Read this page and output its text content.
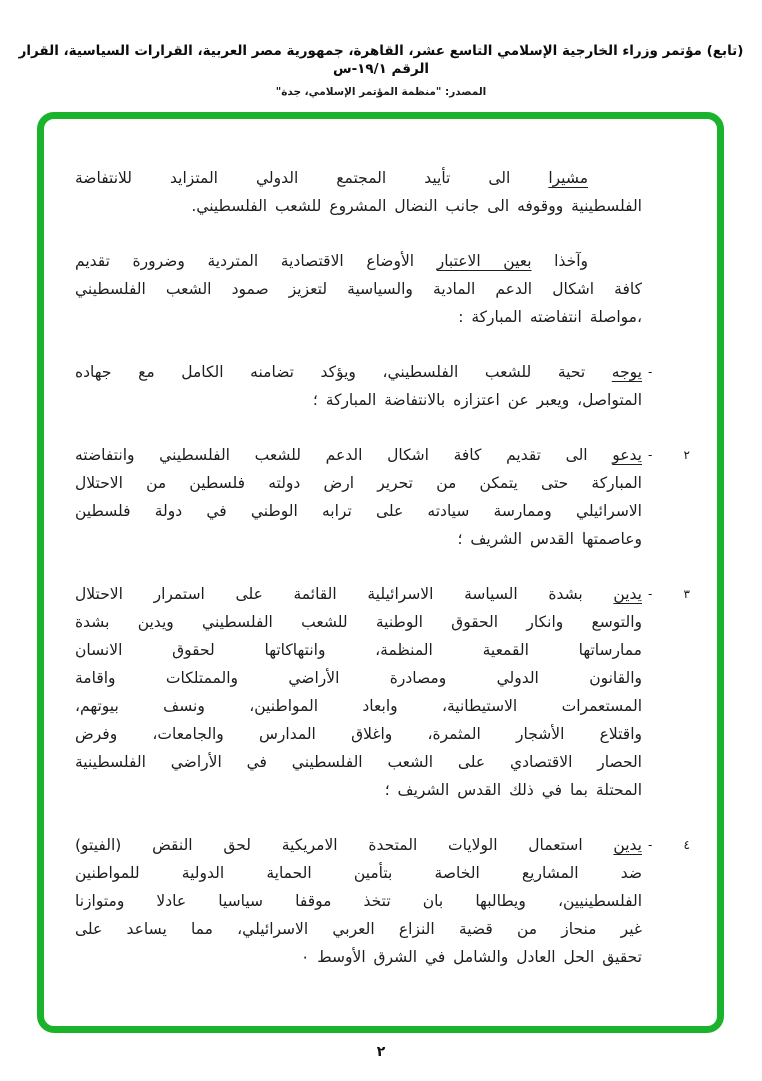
(تابع) مؤتمر وزراء الخارجية الإسلامي التاسع عشر، القاهرة، جمهورية مصر العربية، القرارات السياسية، القرار الرقم ١٩/١-س
المصدر: "منظمة المؤتمر الإسلامي، جدة"
مشيرا الى تأييد المجتمع الدولي المتزايد للانتفاضة
الفلسطينية ووقوفه الى جانب النضال المشروع للشعب الفلسطيني.
وآخذا بعين الاعتبار الأوضاع الاقتصادية المتردية وضرورة تقديم
كافة اشكال الدعم المادية والسياسية لتعزيز صمود الشعب الفلسطيني
،مواصلة انتفاضته المباركة :
-
يوجه تحية للشعب الفلسطيني، ويؤكد تضامنه الكامل مع جهاده
المتواصل، ويعبر عن اعتزازه بالانتفاضة المباركة ؛
-	٢
يدعو الى تقديم كافة اشكال الدعم للشعب الفلسطيني وانتفاضته
المباركة حتى يتمكن من تحرير ارض دولته فلسطين من الاحتلال
الاسرائيلي وممارسة سيادته على ترابه الوطني في دولة فلسطين
وعاصمتها القدس الشريف ؛
-	٣
يدين بشدة السياسة الاسرائيلية القائمة على استمرار الاحتلال
والتوسع وانكار الحقوق الوطنية للشعب الفلسطيني ويدين بشدة
ممارساتها القمعية المنظمة، وانتهاكاتها لحقوق الانسان
والقانون الدولي ومصادرة الأراضي والممتلكات واقامة
المستعمرات الاستيطانية، وابعاد المواطنين، ونسف بيوتهم،
واقتلاع الأشجار المثمرة، واغلاق المدارس والجامعات، وفرض
الحصار الاقتصادي على الشعب الفلسطيني في الأراضي الفلسطينية
المحتلة بما في ذلك القدس الشريف ؛
-	٤
يدين استعمال الولايات المتحدة الامريكية لحق النقض (الفيتو)
ضد المشاريع الخاصة بتأمين الحماية الدولية للمواطنين
الفلسطينيين، ويطالبها بان تتخذ موقفا سياسيا عادلا ومتوازنا
غير منحاز من قضية النزاع العربي الاسرائيلي، مما يساعد على
تحقيق الحل العادل والشامل في الشرق الأوسط ٠
٢
